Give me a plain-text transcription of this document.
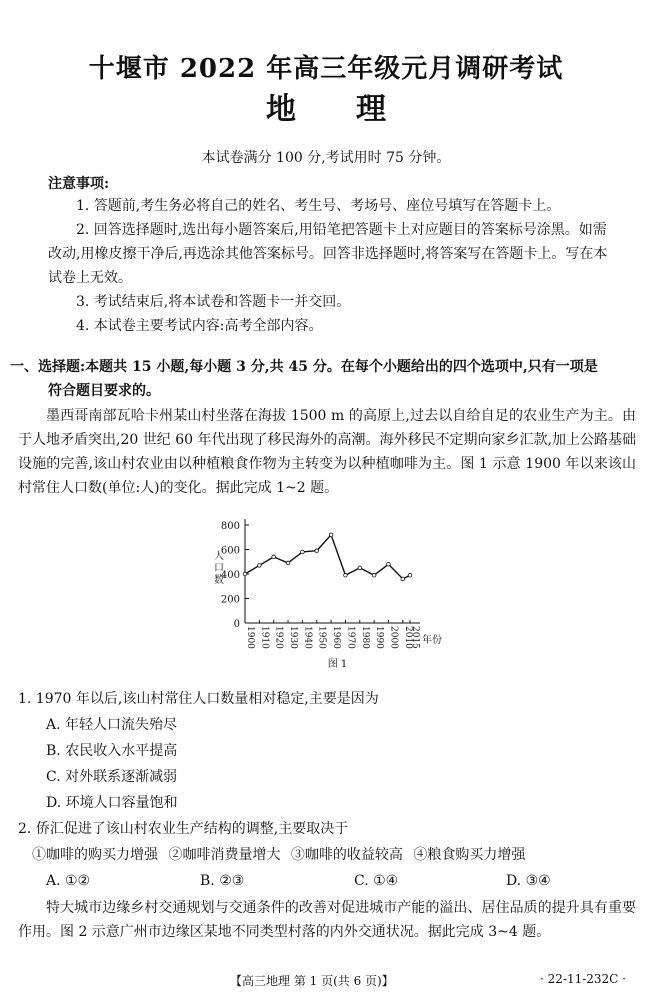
十堰市 2022 年高三年级元月调研考试
地理
本试卷满分 100 分,考试用时 75 分钟。
注意事项:
1. 答题前,考生务必将自己的姓名、考生号、考场号、座位号填写在答题卡上。
2. 回答选择题时,选出每小题答案后,用铅笔把答题卡上对应题目的答案标号涂黑。如需改动,用橡皮擦干净后,再选涂其他答案标号。回答非选择题时,将答案写在答题卡上。写在本试卷上无效。
3. 考试结束后,将本试卷和答题卡一并交回。
4. 本试卷主要考试内容:高考全部内容。
一、选择题:本题共 15 小题,每小题 3 分,共 45 分。在每个小题给出的四个选项中,只有一项是
符合题目要求的。
墨西哥南部瓦哈卡州某山村坐落在海拔 1500 m 的高原上,过去以自给自足的农业生产为主。由于人地矛盾突出,20 世纪 60 年代出现了移民海外的高潮。海外移民不定期向家乡汇款,加上公路基础设施的完善,该山村农业由以种植粮食作物为主转变为以种植咖啡为主。图 1 示意 1900 年以来该山村常住人口数(单位:人)的变化。据此完成 1~2 题。
0
200
400
600
800
人
口
数
1900 1910 1920 1930 1940 1950 1960 1970 1980 1990 2000 2010
2015 年份
图 1
1. 1970 年以后,该山村常住人口数量相对稳定,主要是因为
A. 年轻人口流失殆尽
B. 农民收入水平提高
C. 对外联系逐渐减弱
D. 环境人口容量饱和
2. 侨汇促进了该山村农业生产结构的调整,主要取决于
①咖啡的购买力增强 ②咖啡消费量增大 ③咖啡的收益较高 ④粮食购买力增强
A. ①②	B. ②③	C. ①④	D. ③④
特大城市边缘乡村交通规划与交通条件的改善对促进城市产能的溢出、居住品质的提升具有重要作用。图 2 示意广州市边缘区某地不同类型村落的内外交通状况。据此完成 3~4 题。
【高三地理 第 1 页(共 6 页)】	· 22-11-232C ·
